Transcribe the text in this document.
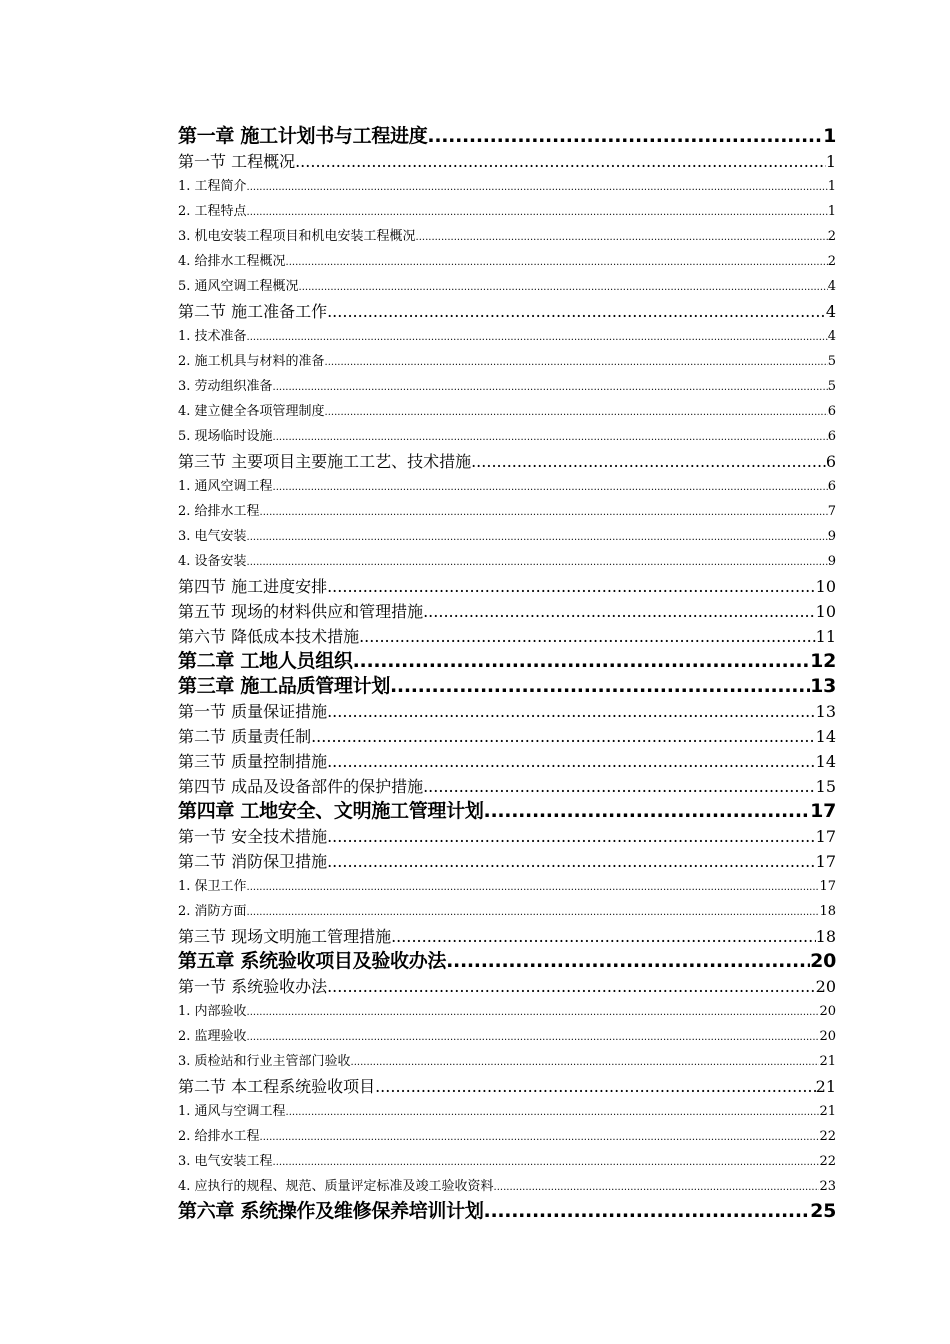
第一章 施工计划书与工程进度 .....	1
第一节 工程概况 .....	1
1. 工程简介 .....	1
2. 工程特点 .....	1
3. 机电安装工程项目和机电安装工程概况 .....	2
4. 给排水工程概况 .....	2
5. 通风空调工程概况 .....	4
第二节 施工准备工作 .....	4
1. 技术准备 .....	4
2. 施工机具与材料的准备 .....	5
3. 劳动组织准备 .....	5
4. 建立健全各项管理制度 .....	6
5. 现场临时设施 .....	6
第三节 主要项目主要施工工艺、技术措施 .....	6
1. 通风空调工程 .....	6
2. 给排水工程 .....	7
3. 电气安装 .....	9
4. 设备安装 .....	9
第四节 施工进度安排 .....	10
第五节 现场的材料供应和管理措施 .....	10
第六节 降低成本技术措施 .....	11
第二章 工地人员组织 .....	12
第三章 施工品质管理计划 .....	13
第一节 质量保证措施 .....	13
第二节 质量责任制 .....	14
第三节 质量控制措施 .....	14
第四节 成品及设备部件的保护措施 .....	15
第四章 工地安全、文明施工管理计划 .....	17
第一节 安全技术措施 .....	17
第二节 消防保卫措施 .....	17
1. 保卫工作 .....	17
2. 消防方面 .....	18
第三节 现场文明施工管理措施 .....	18
第五章 系统验收项目及验收办法 .....	20
第一节 系统验收办法 .....	20
1. 内部验收 .....	20
2. 监理验收 .....	20
3. 质检站和行业主管部门验收 .....	21
第二节 本工程系统验收项目 .....	21
1. 通风与空调工程 .....	21
2. 给排水工程 .....	22
3. 电气安装工程 .....	22
4. 应执行的规程、规范、质量评定标准及竣工验收资料 .....	23
第六章 系统操作及维修保养培训计划 .....	25
